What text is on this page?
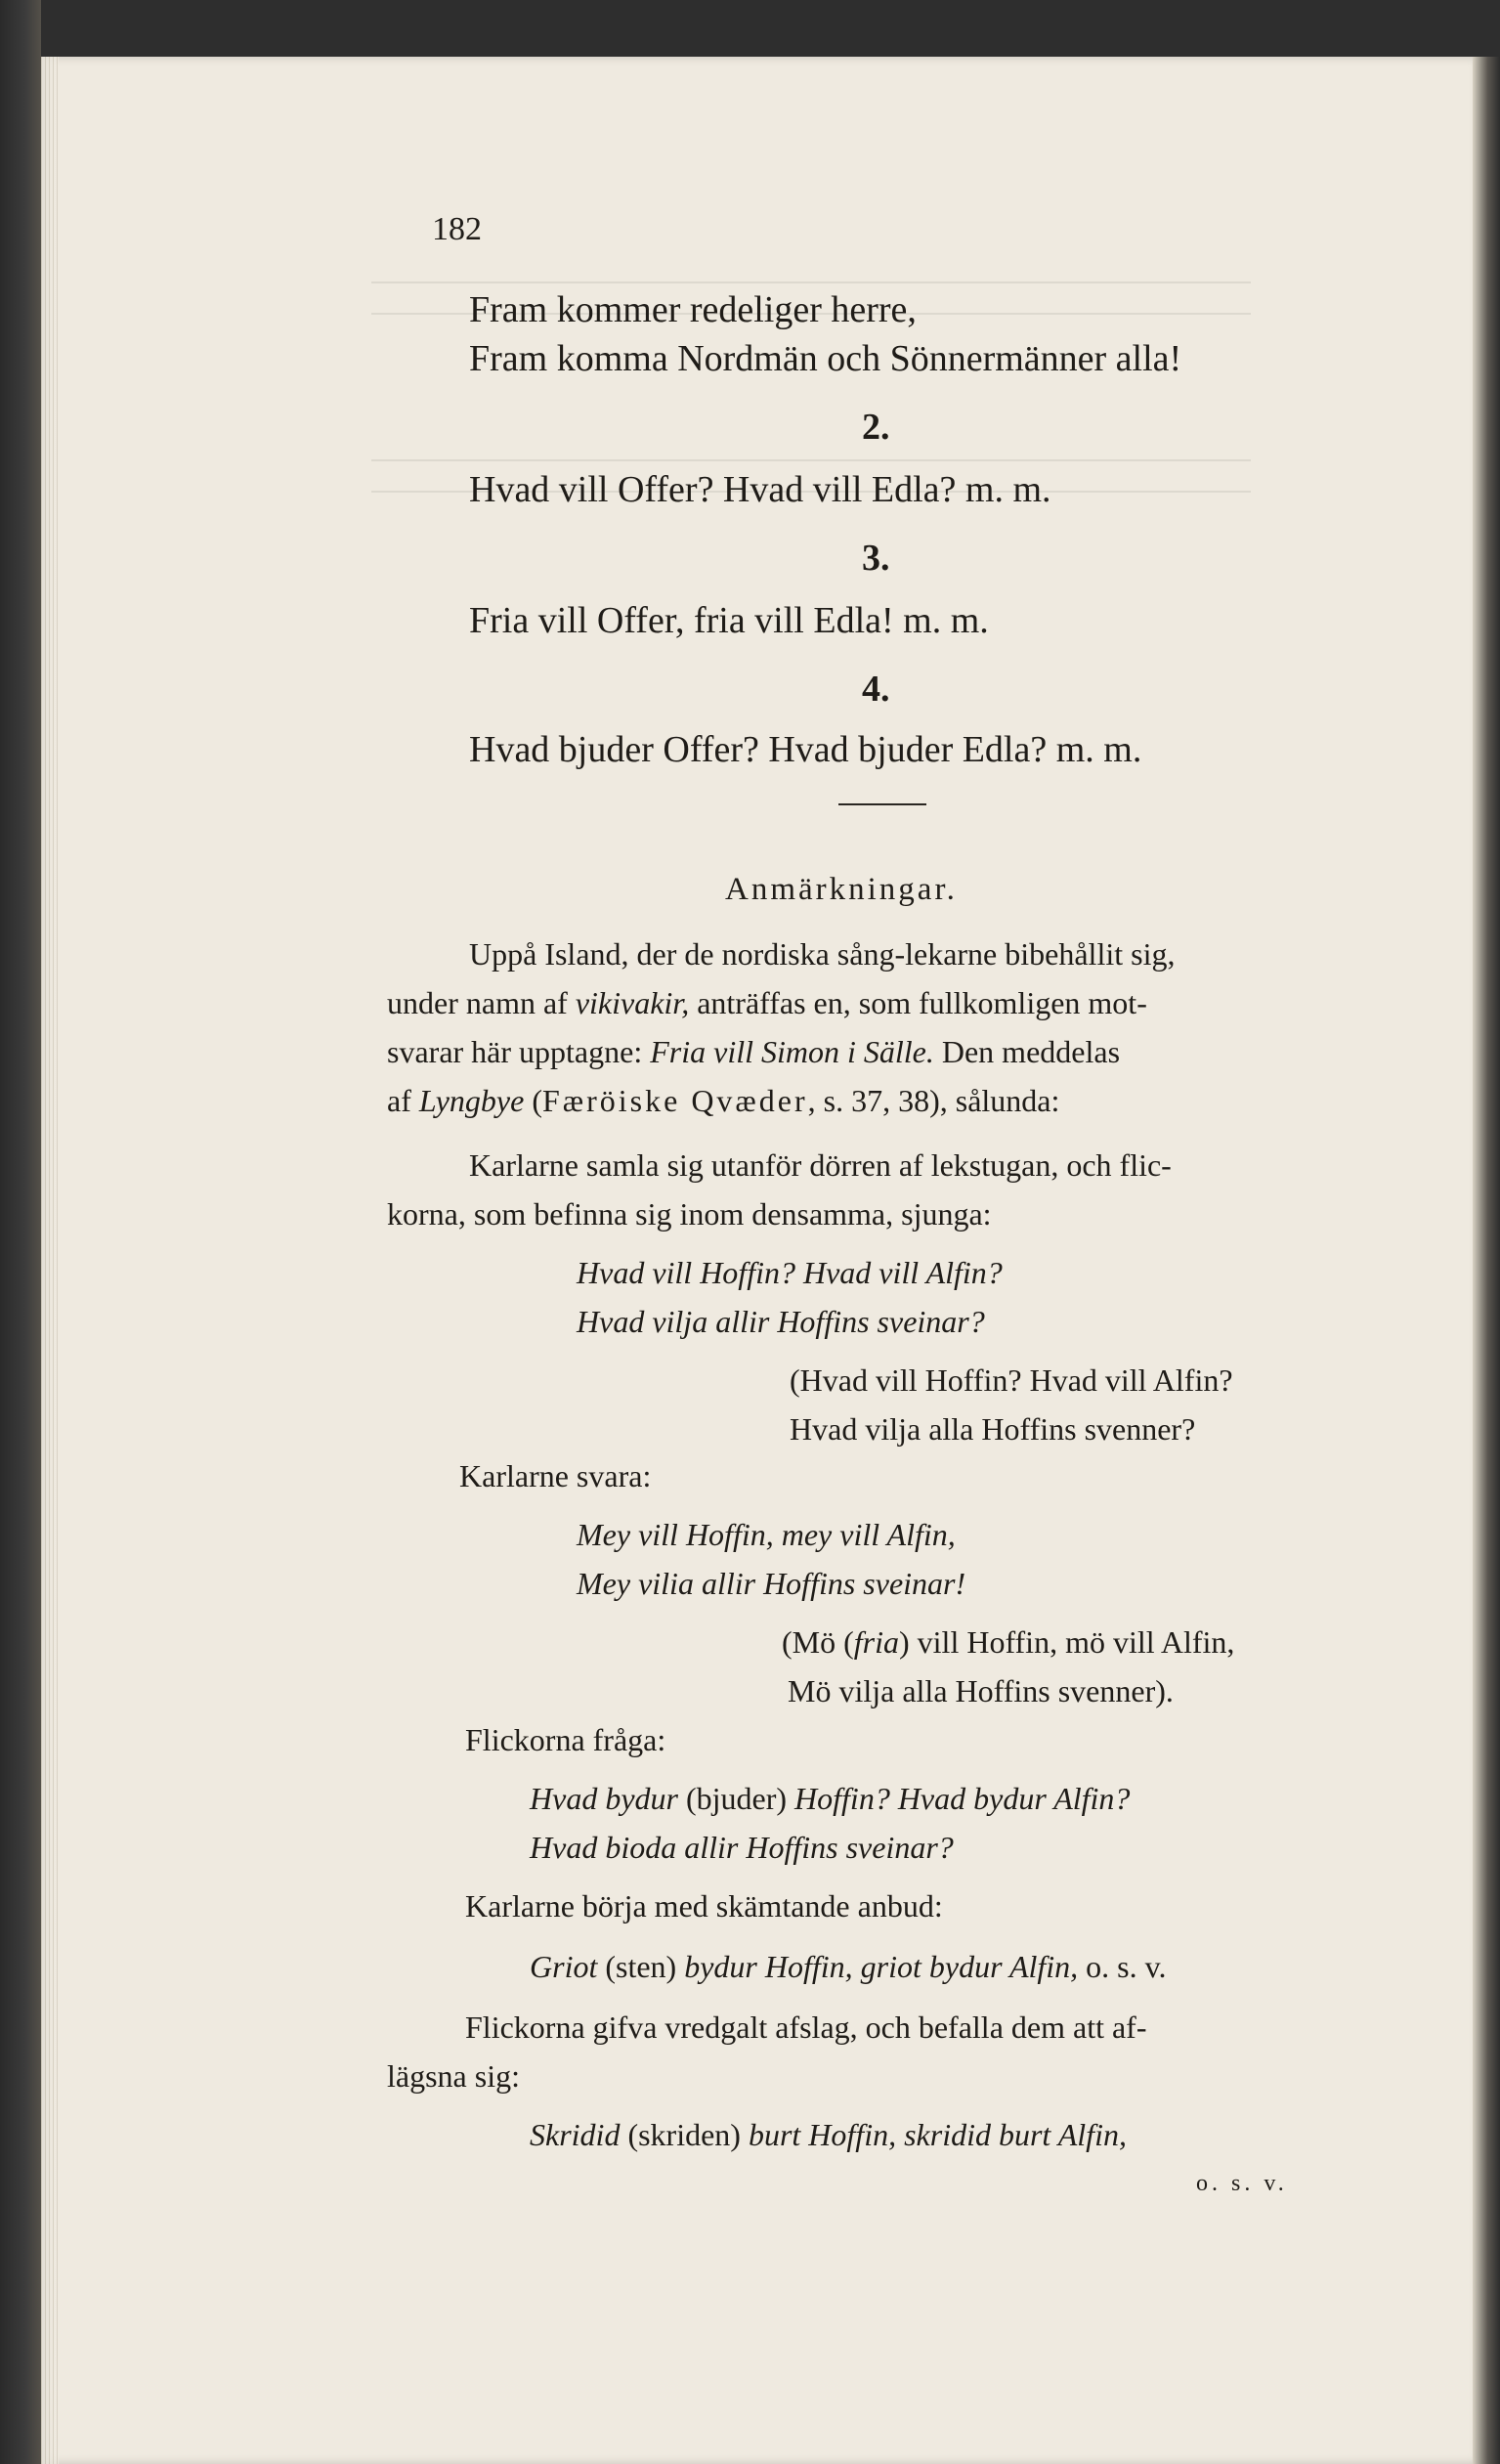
182
Fram kommer redeliger herre,
Fram komma Nordmän och Sönnermänner alla!
2.
Hvad vill Offer? Hvad vill Edla? m. m.
3.
Fria vill Offer, fria vill Edla! m. m.
4.
Hvad bjuder Offer? Hvad bjuder Edla? m. m.
Anmärkningar.
Uppå Island, der de nordiska sång-lekarne bibehållit sig,
under namn af vikivakir, anträffas en, som fullkomligen mot-
svarar här upptagne: Fria vill Simon i Sälle. Den meddelas
af Lyngbye (Færöiske Qvæder, s. 37, 38), sålunda:
Karlarne samla sig utanför dörren af lekstugan, och flic-
korna, som befinna sig inom densamma, sjunga:
Hvad vill Hoffin? Hvad vill Alfin?
Hvad vilja allir Hoffins sveinar?
(Hvad vill Hoffin? Hvad vill Alfin?
Hvad vilja alla Hoffins svenner?
Karlarne svara:
Mey vill Hoffin, mey vill Alfin,
Mey vilia allir Hoffins sveinar!
(Mö (fria) vill Hoffin, mö vill Alfin,
Mö vilja alla Hoffins svenner).
Flickorna fråga:
Hvad bydur (bjuder) Hoffin? Hvad bydur Alfin?
Hvad bioda allir Hoffins sveinar?
Karlarne börja med skämtande anbud:
Griot (sten) bydur Hoffin, griot bydur Alfin, o. s. v.
Flickorna gifva vredgalt afslag, och befalla dem att af-
lägsna sig:
Skridid (skriden) burt Hoffin, skridid burt Alfin,
o. s. v.
